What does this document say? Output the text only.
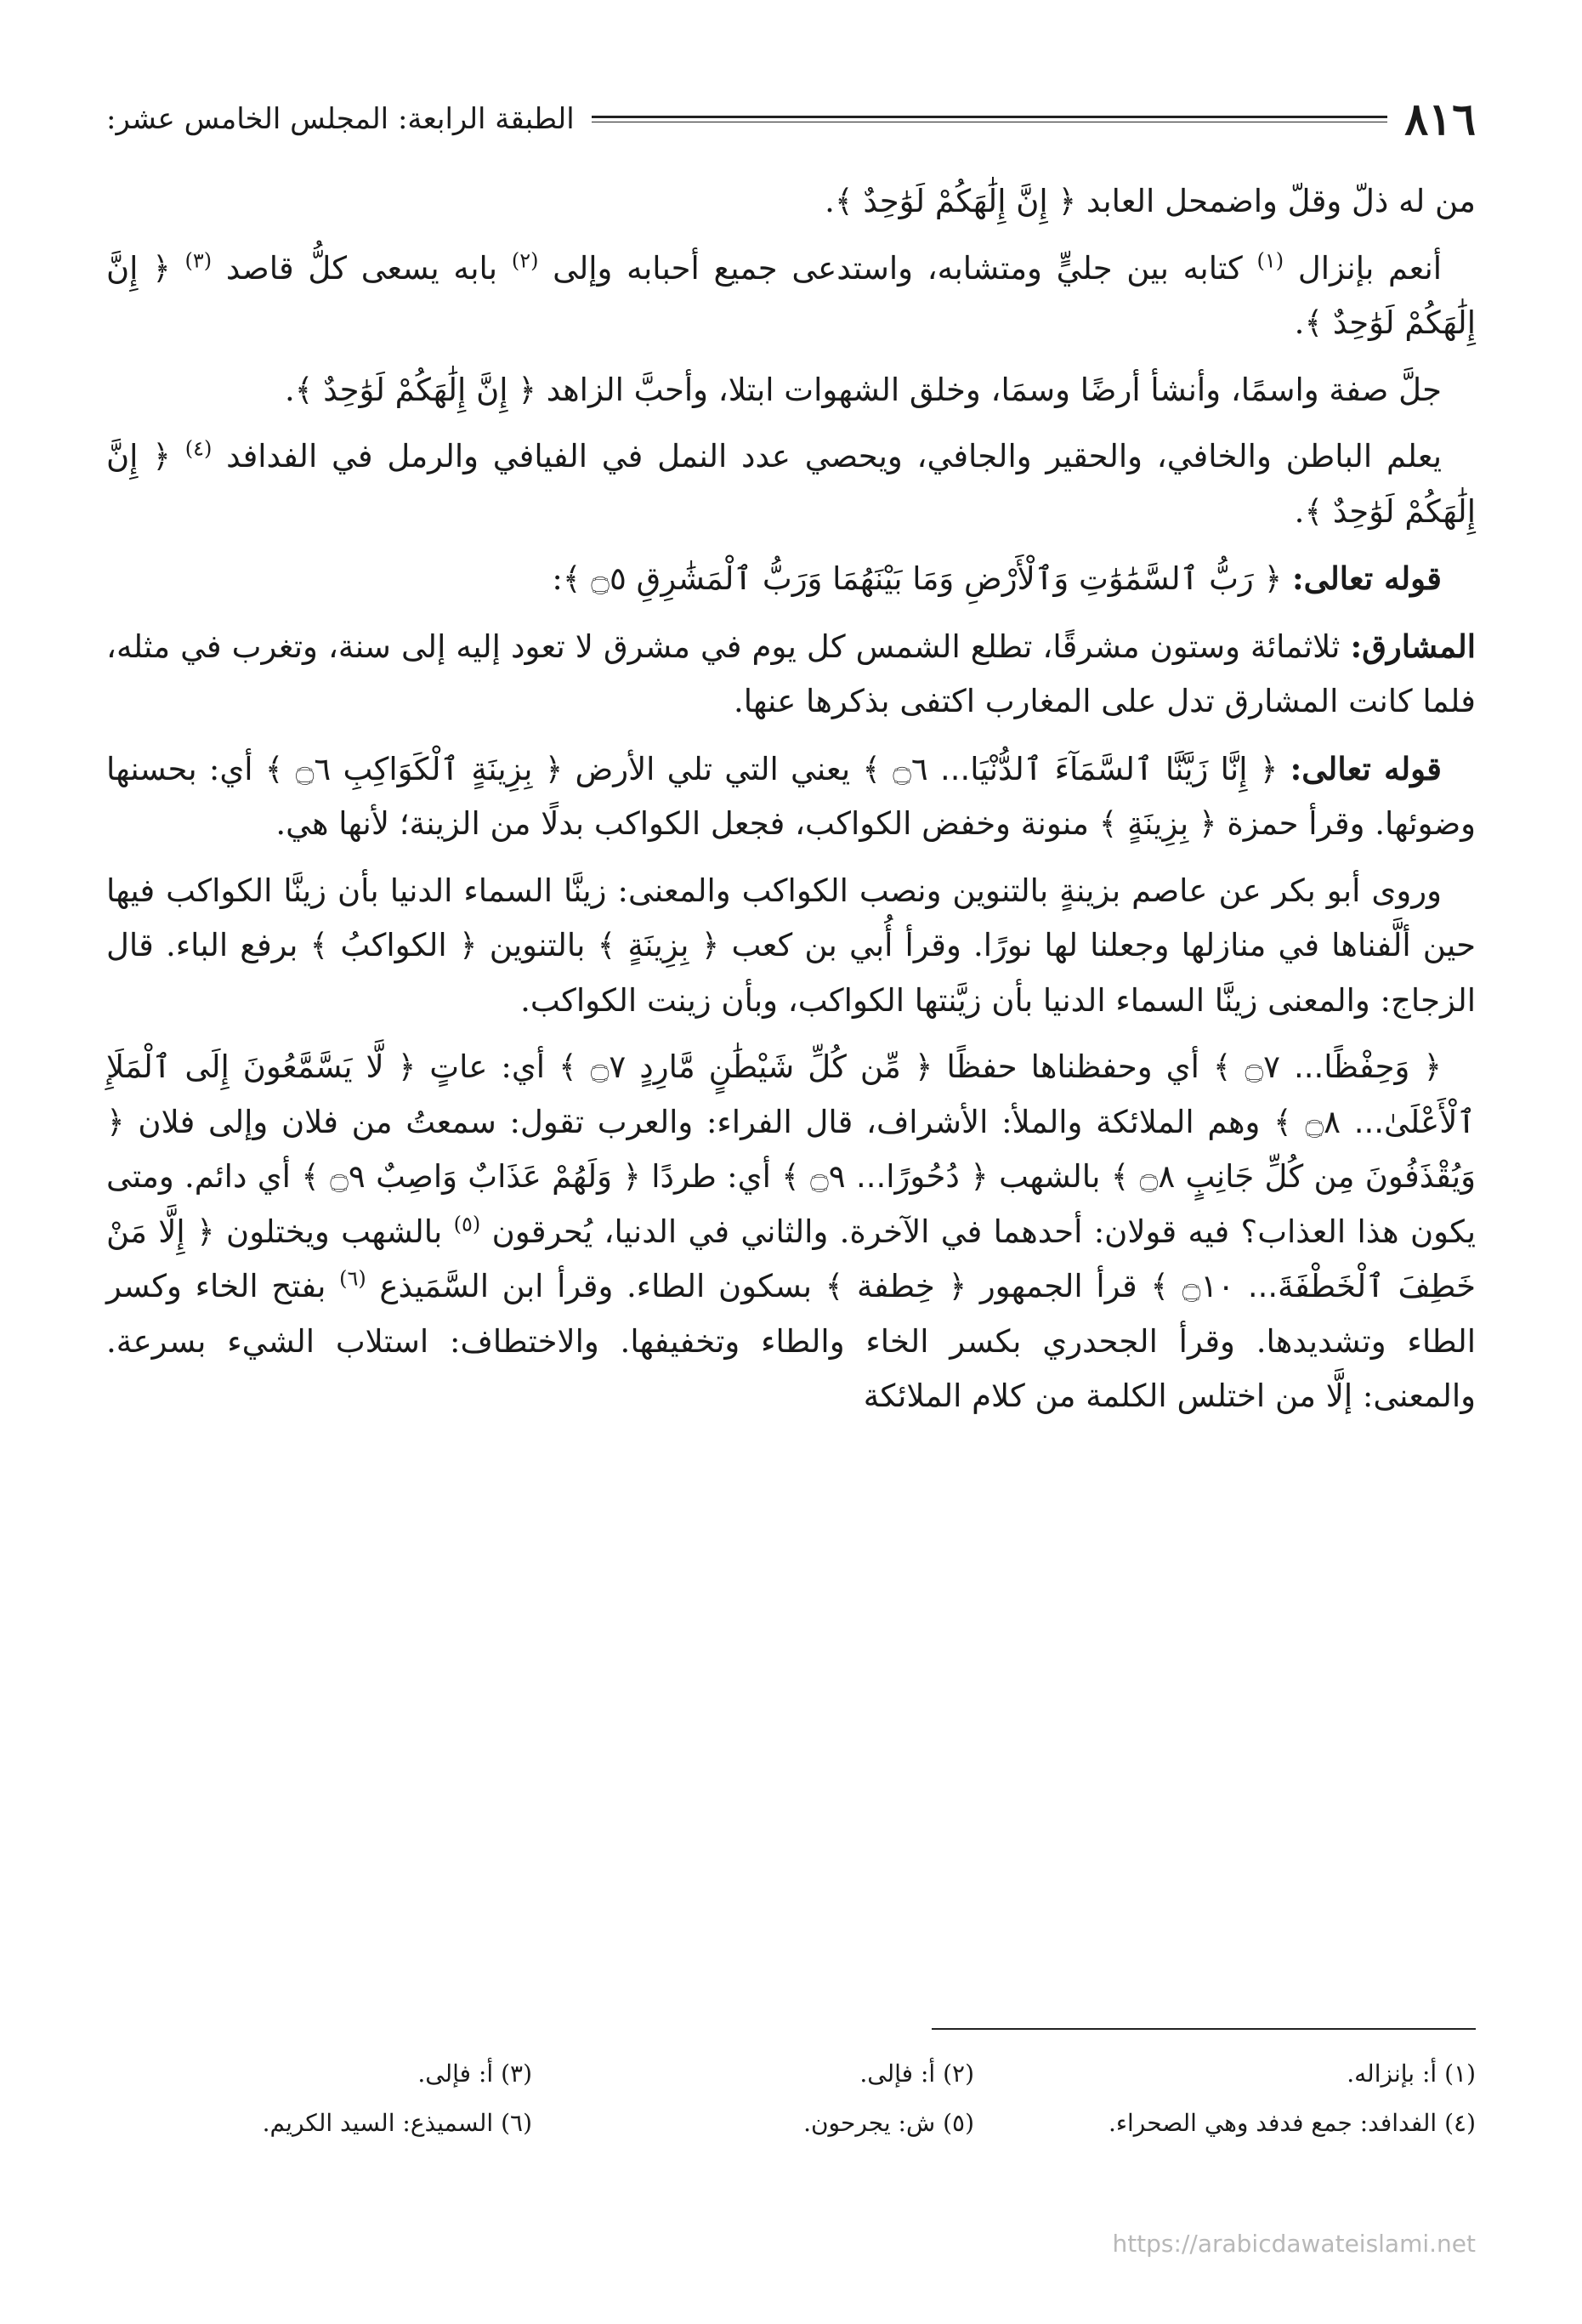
٨١٦
الطبقة الرابعة: المجلس الخامس عشر:

من له ذلّ وقلّ واضمحل العابد ﴿ إِنَّ إِلَٰهَكُمْ لَوَٰحِدٌ ﴾.

أنعم بإنزال $^{(١)}$ كتابه بين جليٍّ ومتشابه، واستدعى جميع أحبابه وإلى $^{(٢)}$ بابه يسعى كلُّ قاصد $^{(٣)}$ ﴿ إِنَّ إِلَٰهَكُمْ لَوَٰحِدٌ ﴾.

جلَّ صفة واسمًا، وأنشأ أرضًا وسمَا، وخلق الشهوات ابتلا، وأحبَّ الزاهد ﴿ إِنَّ إِلَٰهَكُمْ لَوَٰحِدٌ ﴾.

يعلم الباطن والخافي، والحقير والجافي، ويحصي عدد النمل في الفيافي والرمل في الفدافد $^{(٤)}$ ﴿ إِنَّ إِلَٰهَكُمْ لَوَٰحِدٌ ﴾.

قوله تعالى: ﴿ رَبُّ ٱلسَّمَٰوَٰتِ وَٱلْأَرْضِ وَمَا بَيْنَهُمَا وَرَبُّ ٱلْمَشَٰرِقِ ۝٥ ﴾:

المشارق: ثلاثمائة وستون مشرقًا، تطلع الشمس كل يوم في مشرق لا تعود إليه إلى سنة، وتغرب في مثله، فلما كانت المشارق تدل على المغارب اكتفى بذكرها عنها.

قوله تعالى: ﴿ إِنَّا زَيَّنَّا ٱلسَّمَآءَ ٱلدُّنْيَا... ۝٦ ﴾ يعني التي تلي الأرض ﴿ بِزِينَةٍ ٱلْكَوَاكِبِ ۝٦ ﴾ أي: بحسنها وضوئها. وقرأ حمزة ﴿ بِزِينَةٍ ﴾ منونة وخفض الكواكب، فجعل الكواكب بدلًا من الزينة؛ لأنها هي.

وروى أبو بكر عن عاصم بزينةٍ بالتنوين ونصب الكواكب والمعنى: زينَّا السماء الدنيا بأن زينَّا الكواكب فيها حين ألَّفناها في منازلها وجعلنا لها نورًا. وقرأ أُبي بن كعب ﴿ بِزِينَةٍ ﴾ بالتنوين ﴿ الكواكبُ ﴾ برفع الباء. قال الزجاج: والمعنى زينَّا السماء الدنيا بأن زيَّنتها الكواكب، وبأن زينت الكواكب.

﴿ وَحِفْظًا... ۝٧ ﴾ أي وحفظناها حفظًا ﴿ مِّن كُلِّ شَيْطَٰنٍ مَّارِدٍ ۝٧ ﴾ أي: عاتٍ ﴿ لَّا يَسَّمَّعُونَ إِلَى ٱلْمَلَإِ ٱلْأَعْلَىٰ... ۝٨ ﴾ وهم الملائكة والملأ: الأشراف، قال الفراء: والعرب تقول: سمعتُ من فلان وإلى فلان ﴿ وَيُقْذَفُونَ مِن كُلِّ جَانِبٍ ۝٨ ﴾ بالشهب ﴿ دُحُورًا... ۝٩ ﴾ أي: طردًا ﴿ وَلَهُمْ عَذَابٌ وَاصِبٌ ۝٩ ﴾ أي دائم. ومتى يكون هذا العذاب؟ فيه قولان: أحدهما في الآخرة. والثاني في الدنيا، يُحرقون $^{(٥)}$ بالشهب ويختلون ﴿ إِلَّا مَنْ خَطِفَ ٱلْخَطْفَةَ... ۝١٠ ﴾ قرأ الجمهور ﴿ خِطفة ﴾ بسكون الطاء. وقرأ ابن السَّمَيذع $^{(٦)}$ بفتح الخاء وكسر الطاء وتشديدها. وقرأ الجحدري بكسر الخاء والطاء وتخفيفها. والاختطاف: استلاب الشيء بسرعة. والمعنى: إلَّا من اختلس الكلمة من كلام الملائكة

(١) أ: بإنزاله.
(٢) أ: فإلى.
(٣) أ: فإلى.
(٤) الفدافد: جمع فدفد وهي الصحراء.
(٥) ش: يجرحون.
(٦) السميذع: السيد الكريم.
https://arabicdawateislami.net
